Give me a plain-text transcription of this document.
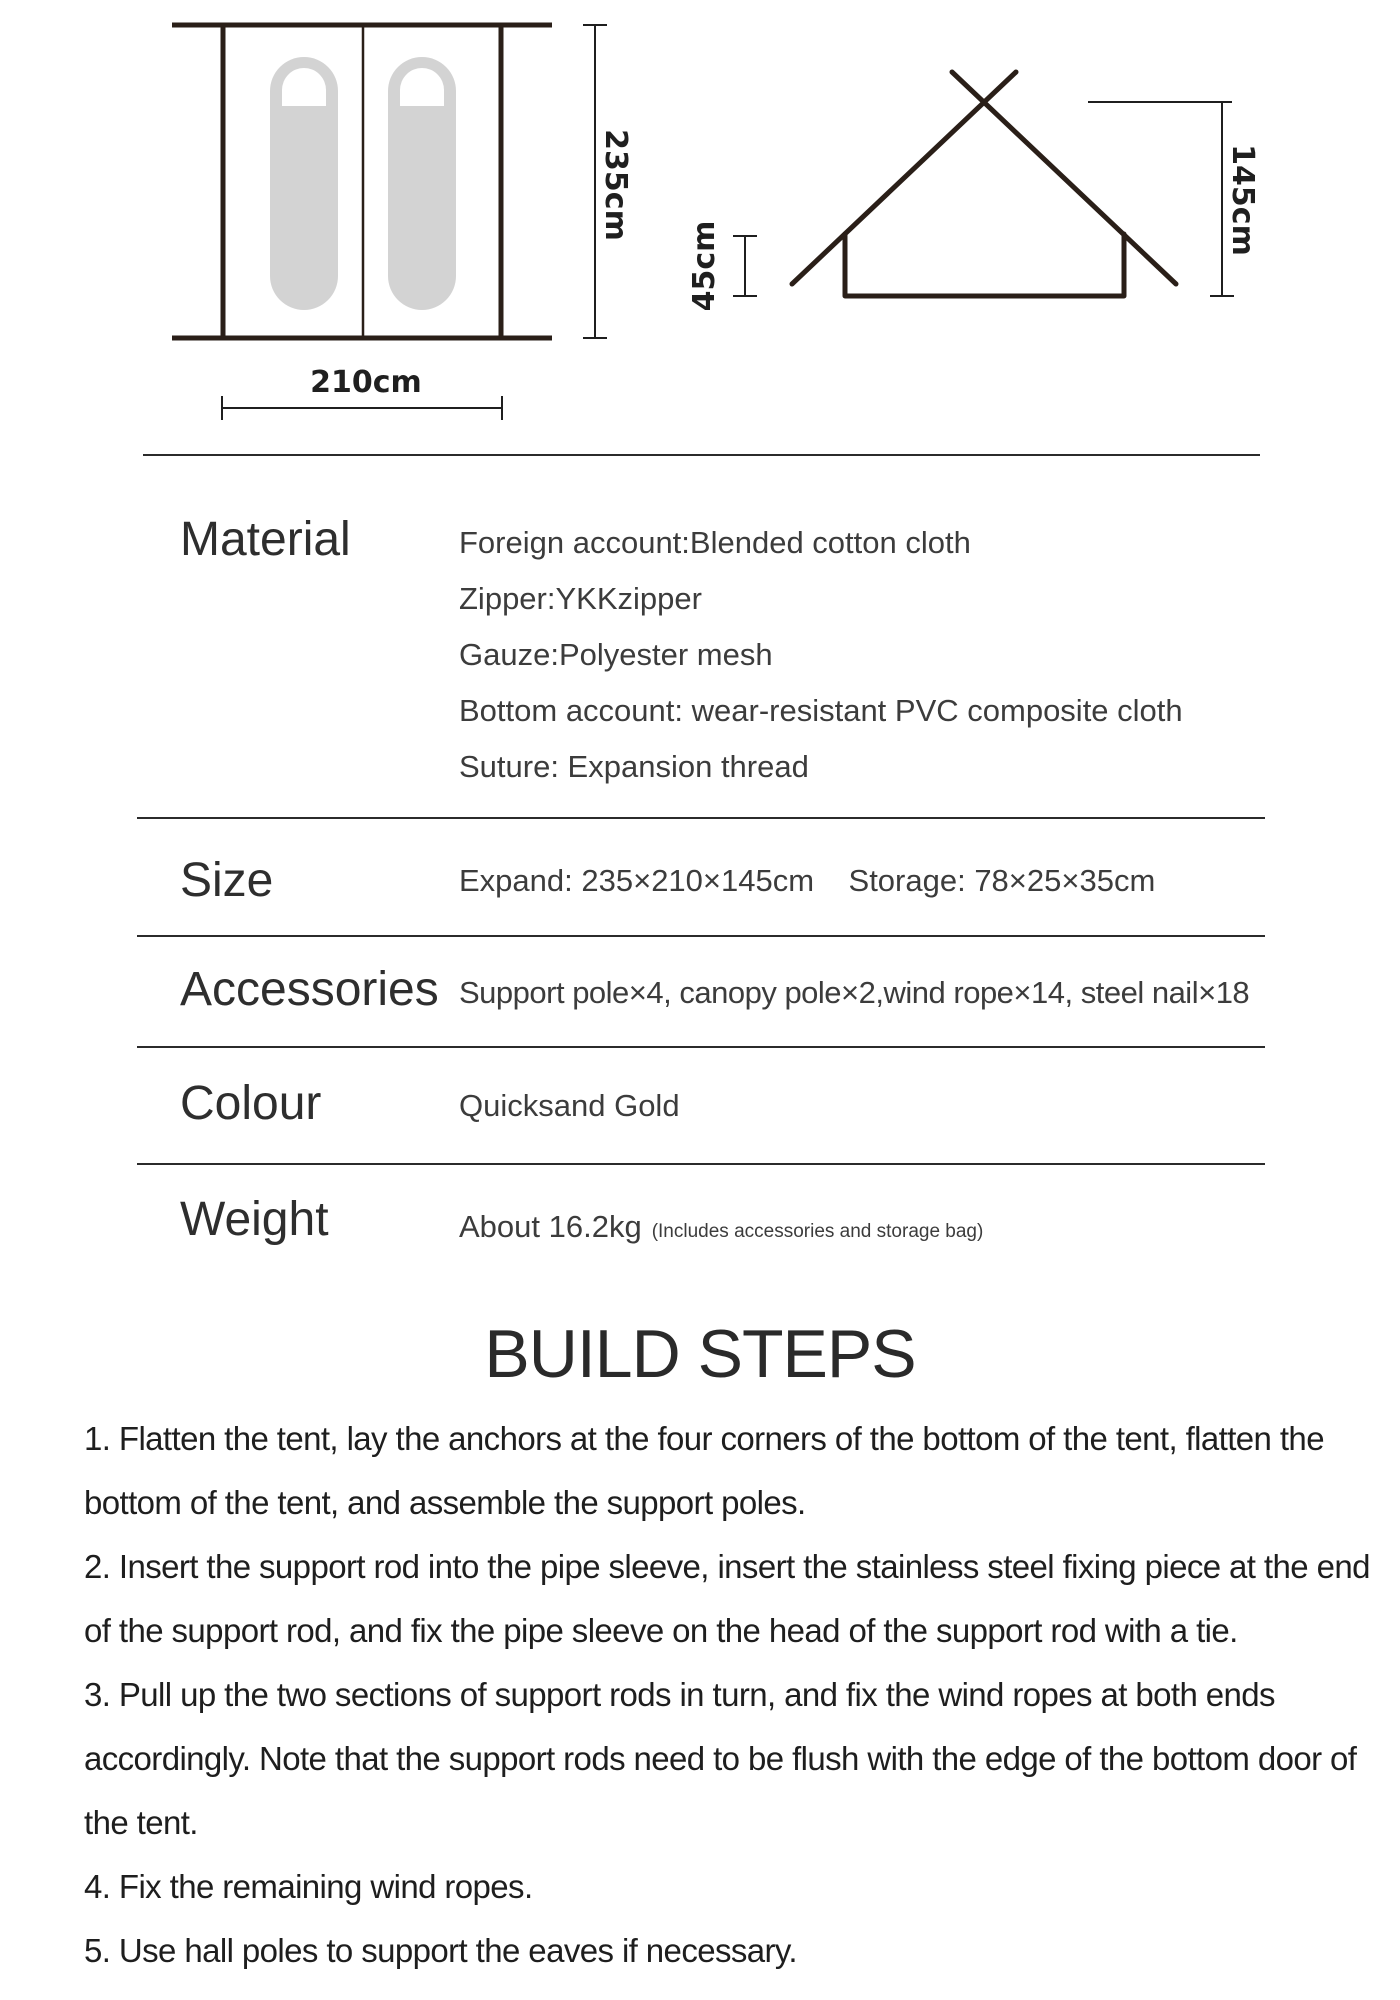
235cm
210cm
45cm
145cm
Material	Foreign account:Blended cotton cloth
Zipper:YKKzipper
Gauze:Polyester mesh
Bottom account: wear-resistant PVC composite cloth
Suture: Expansion thread
Size	Expand: 235×210×145cm    Storage: 78×25×35cm
Accessories Support pole×4, canopy pole×2,wind rope×14, steel nail×18
Colour	Quicksand Gold
Weight	About 16.2kg (Includes accessories and storage bag)
BUILD STEPS
1. Flatten the tent, lay the anchors at the four corners of the bottom of the tent, flatten the bottom of the tent, and assemble the support poles.
2. Insert the support rod into the pipe sleeve, insert the stainless steel fixing piece at the end of the support rod, and fix the pipe sleeve on the head of the support rod with a tie.
3. Pull up the two sections of support rods in turn, and fix the wind ropes at both ends accordingly. Note that the support rods need to be flush with the edge of the bottom door of the tent.
4. Fix the remaining wind ropes.
5. Use hall poles to support the eaves if necessary.
